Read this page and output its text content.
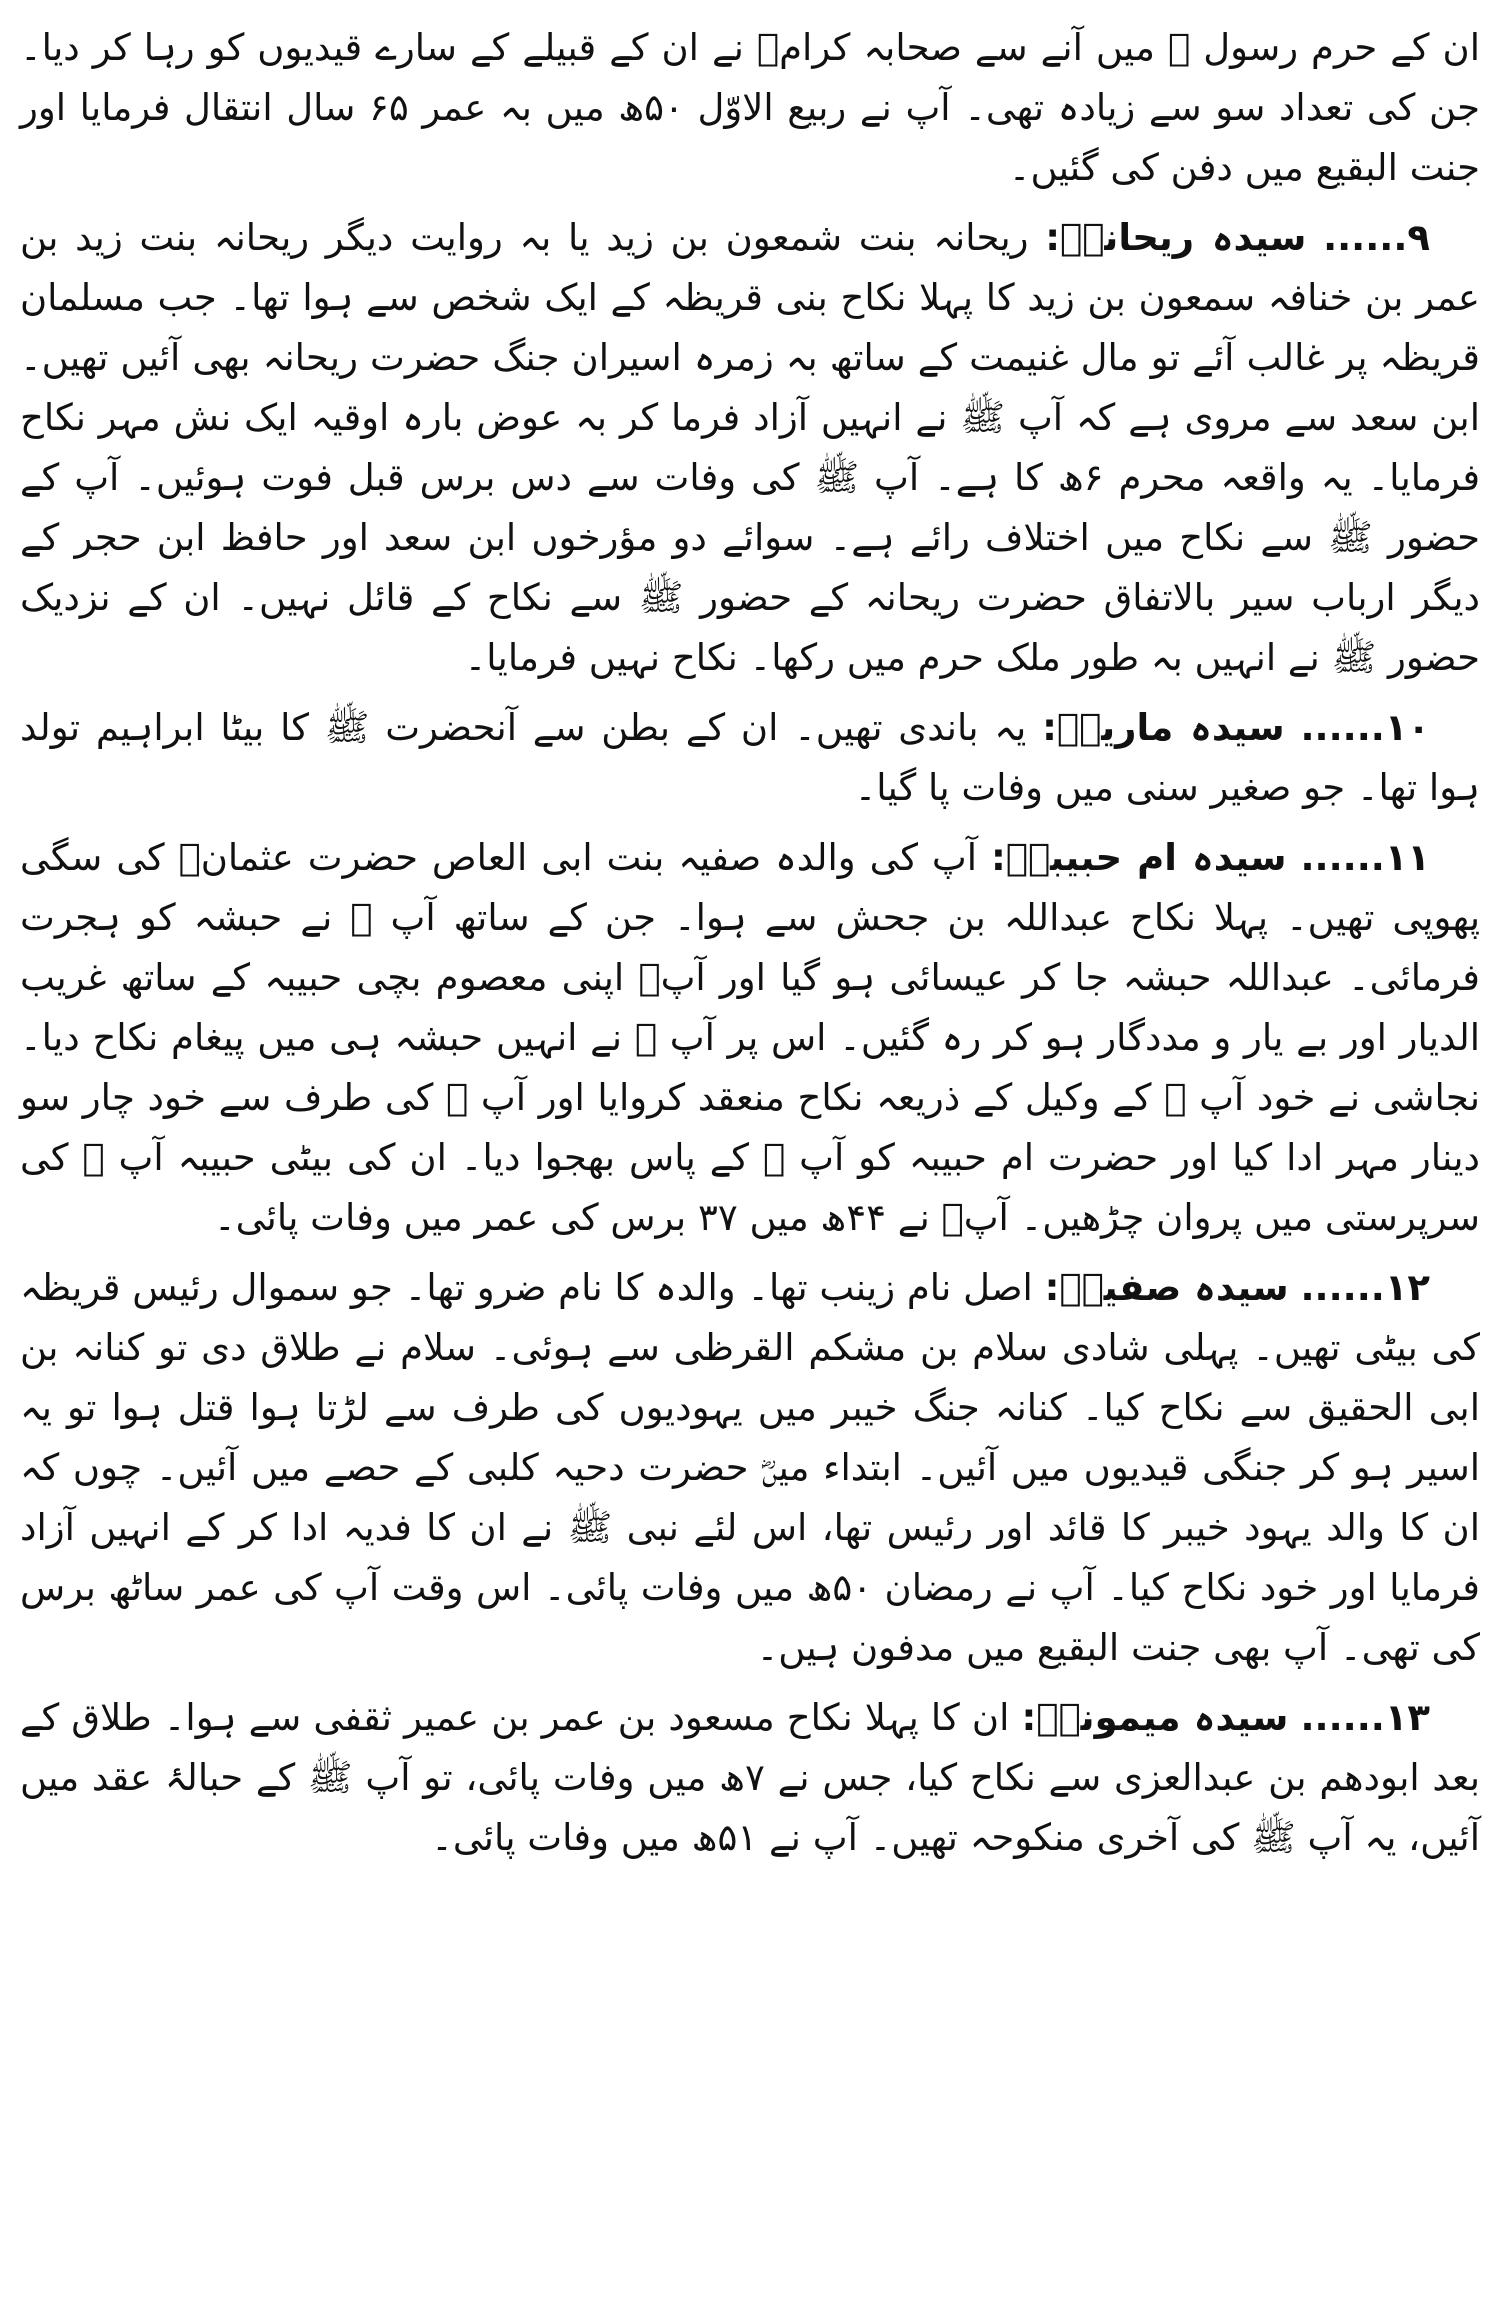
ان کے حرم رسول ﷺ میں آنے سے صحابہ کرامؓ نے ان کے قبیلے کے سارے قیدیوں کو رہا کر دیا۔ جن کی تعداد سو سے زیادہ تھی۔ آپ نے ربیع الاوّل ۵۰ھ میں بہ عمر ۶۵ سال انتقال فرمایا اور جنت البقیع میں دفن کی گئیں۔

۹...... سیدہ ریحانہؓ: ریحانہ بنت شمعون بن زید یا بہ روایت دیگر ریحانہ بنت زید بن عمر بن خنافہ سمعون بن زید کا پہلا نکاح بنی قریظہ کے ایک شخص سے ہوا تھا۔ جب مسلمان قریظہ پر غالب آئے تو مال غنیمت کے ساتھ بہ زمرہ اسیران جنگ حضرت ریحانہ بھی آئیں تھیں۔ ابن سعد سے مروی ہے کہ آپ ﷺ نے انہیں آزاد فرما کر بہ عوض بارہ اوقیہ ایک نش مہر نکاح فرمایا۔ یہ واقعہ محرم ۶ھ کا ہے۔ آپ ﷺ کی وفات سے دس برس قبل فوت ہوئیں۔ آپ کے حضور ﷺ سے نکاح میں اختلاف رائے ہے۔ سوائے دو مؤرخوں ابن سعد اور حافظ ابن حجر کے دیگر ارباب سیر بالاتفاق حضرت ریحانہ کے حضور ﷺ سے نکاح کے قائل نہیں۔ ان کے نزدیک حضور ﷺ نے انہیں بہ طور ملک حرم میں رکھا۔ نکاح نہیں فرمایا۔

۱۰...... سیدہ ماریہؓ: یہ باندی تھیں۔ ان کے بطن سے آنحضرت ﷺ کا بیٹا ابراہیم تولد ہوا تھا۔ جو صغیر سنی میں وفات پا گیا۔

۱۱...... سیدہ ام حبیبہؓ: آپ کی والدہ صفیہ بنت ابی العاص حضرت عثمانؓ کی سگی پھوپی تھیں۔ پہلا نکاح عبداللہ بن جحش سے ہوا۔ جن کے ساتھ آپ ﷺ نے حبشہ کو ہجرت فرمائی۔ عبداللہ حبشہ جا کر عیسائی ہو گیا اور آپؓ اپنی معصوم بچی حبیبہ کے ساتھ غریب الدیار اور بے یار و مددگار ہو کر رہ گئیں۔ اس پر آپ ﷺ نے انہیں حبشہ ہی میں پیغام نکاح دیا۔ نجاشی نے خود آپ ﷺ کے وکیل کے ذریعہ نکاح منعقد کروایا اور آپ ﷺ کی طرف سے خود چار سو دینار مہر ادا کیا اور حضرت ام حبیبہ کو آپ ﷺ کے پاس بھجوا دیا۔ ان کی بیٹی حبیبہ آپ ﷺ کی سرپرستی میں پروان چڑھیں۔ آپؓ نے ۴۴ھ میں ۳۷ برس کی عمر میں وفات پائی۔

۱۲...... سیدہ صفیہؓ: اصل نام زینب تھا۔ والدہ کا نام ضرو تھا۔ جو سموال رئیس قریظہ کی بیٹی تھیں۔ پہلی شادی سلام بن مشکم القرظی سے ہوئی۔ سلام نے طلاق دی تو کنانہ بن ابی الحقیق سے نکاح کیا۔ کنانہ جنگ خیبر میں یہودیوں کی طرف سے لڑتا ہوا قتل ہوا تو یہ اسیر ہو کر جنگی قیدیوں میں آئیں۔ ابتداء میںؓ حضرت دحیہ کلبی کے حصے میں آئیں۔ چوں کہ ان کا والد یہود خیبر کا قائد اور رئیس تھا، اس لئے نبی ﷺ نے ان کا فدیہ ادا کر کے انہیں آزاد فرمایا اور خود نکاح کیا۔ آپ نے رمضان ۵۰ھ میں وفات پائی۔ اس وقت آپ کی عمر ساٹھ برس کی تھی۔ آپ بھی جنت البقیع میں مدفون ہیں۔

۱۳...... سیدہ میمونہؓ: ان کا پہلا نکاح مسعود بن عمر بن عمیر ثقفی سے ہوا۔ طلاق کے بعد ابودھم بن عبدالعزی سے نکاح کیا، جس نے ۷ھ میں وفات پائی، تو آپ ﷺ کے حبالۂ عقد میں آئیں، یہ آپ ﷺ کی آخری منکوحہ تھیں۔ آپ نے ۵۱ھ میں وفات پائی۔
